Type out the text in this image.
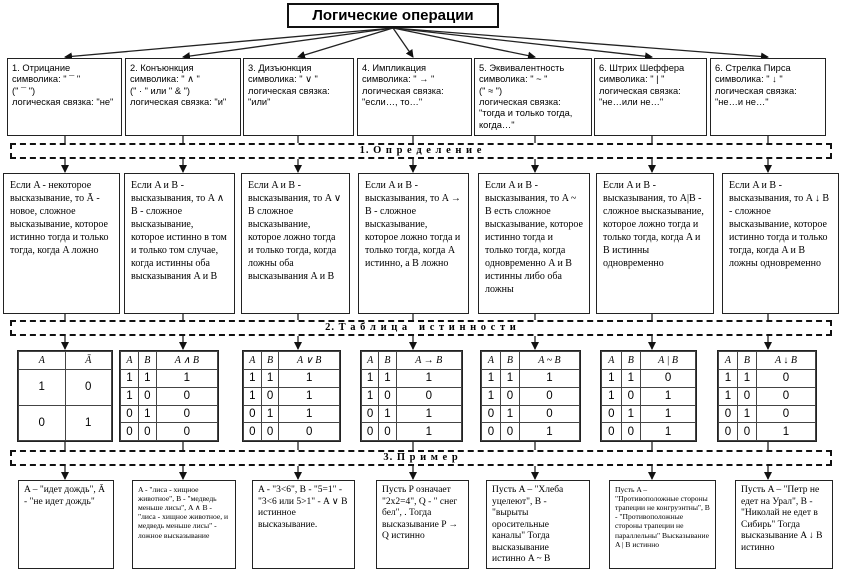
Логические операции
1. Отрицание
символика: " ¯ "
(" ¯ ")
логическая связка: "не"
2. Конъюнкция
символика: " ∧ "
(" · " или " & ")
логическая связка: "и"
3. Дизъюнкция
символика: " ∨ "
логическая связка:
"или"
4. Импликация
символика: " → "
логическая связка:
"если…, то…"
5. Эквивалентность
символика: " ~ "
(" ≈ ")
логическая связка: "тогда и только тогда, когда…"
6. Штрих Шеффера
символика: " | "
логическая связка:
"не…или не…"
6. Стрелка Пирса
символика: " ↓ "
логическая связка:
"не…и не…"
1. О п р е д е л е н и е
Если A - некоторое высказывание, то Ā - новое, сложное высказывание, которое истинно тогда и только тогда, когда A ложно
Если A и B - высказывания, то A ∧ B - сложное высказывание, которое истинно в том и только том случае, когда истинны оба высказывания A и B
Если A и B - высказывания, то A ∨ B сложное высказывание, которое ложно тогда и только тогда, когда ложны оба высказывания A и B
Если A и B - высказывания, то A → B - сложное высказывание, которое ложно тогда и только тогда, когда A истинно, а B ложно
Если A и B - высказывания, то A ~ B есть сложное высказывание, которое истинно тогда и только тогда, когда одновременно A и B истинны либо оба ложны
Если A и B - высказывания, то A|B - сложное высказывание, которое ложно тогда и только тогда, когда A и B истинны одновременно
Если A и B - высказывания, то A ↓ B - сложное высказывание, которое истинно тогда и только тогда, когда A и B ложны одновременно
2. Т а б л и ц а   и с т и н н о с т и
A	Ā
1	0
0	1
A	B	A ∧ B
1	1	1
1	0	0
0	1	0
0	0	0
A	B	A ∨ B
1	1	1
1	0	1
0	1	1
0	0	0
A	B	A → B
1	1	1
1	0	0
0	1	1
0	0	1
A	B	A ~ B
1	1	1
1	0	0
0	1	0
0	0	1
A	B	A | B
1	1	0
1	0	1
0	1	1
0	0	1
A	B	A ↓ B
1	1	0
1	0	0
0	1	0
0	0	1
3. П р и м е р
A – "идет дождь", Ā - "не идет дождь"
A - "лиса - хищное животное", B - "медведь меньше лисы", A ∧ B - "лиса - хищное животное, и медведь меньше лисы" - ложное высказывание
A - "3<6", B - "5=1" - "3<6 или 5>1" - A ∨ B истинное высказывание.
Пусть P означает "2x2=4", Q - " снег бел", . Тогда высказывание P → Q истинно
Пусть A – "Хлеба уцелеют", B - "вырыты оросительные каналы" Тогда высказывание истинно A ~ B
Пусть A – "Противоположные стороны трапеции не конгруэнтны", B - "Противоположные стороны трапеции не параллельны" Высказывание A | B истинно
Пусть A – "Петр не едет на Урал", B - "Николай не едет в Сибирь" Тогда высказывание A ↓ B истинно
